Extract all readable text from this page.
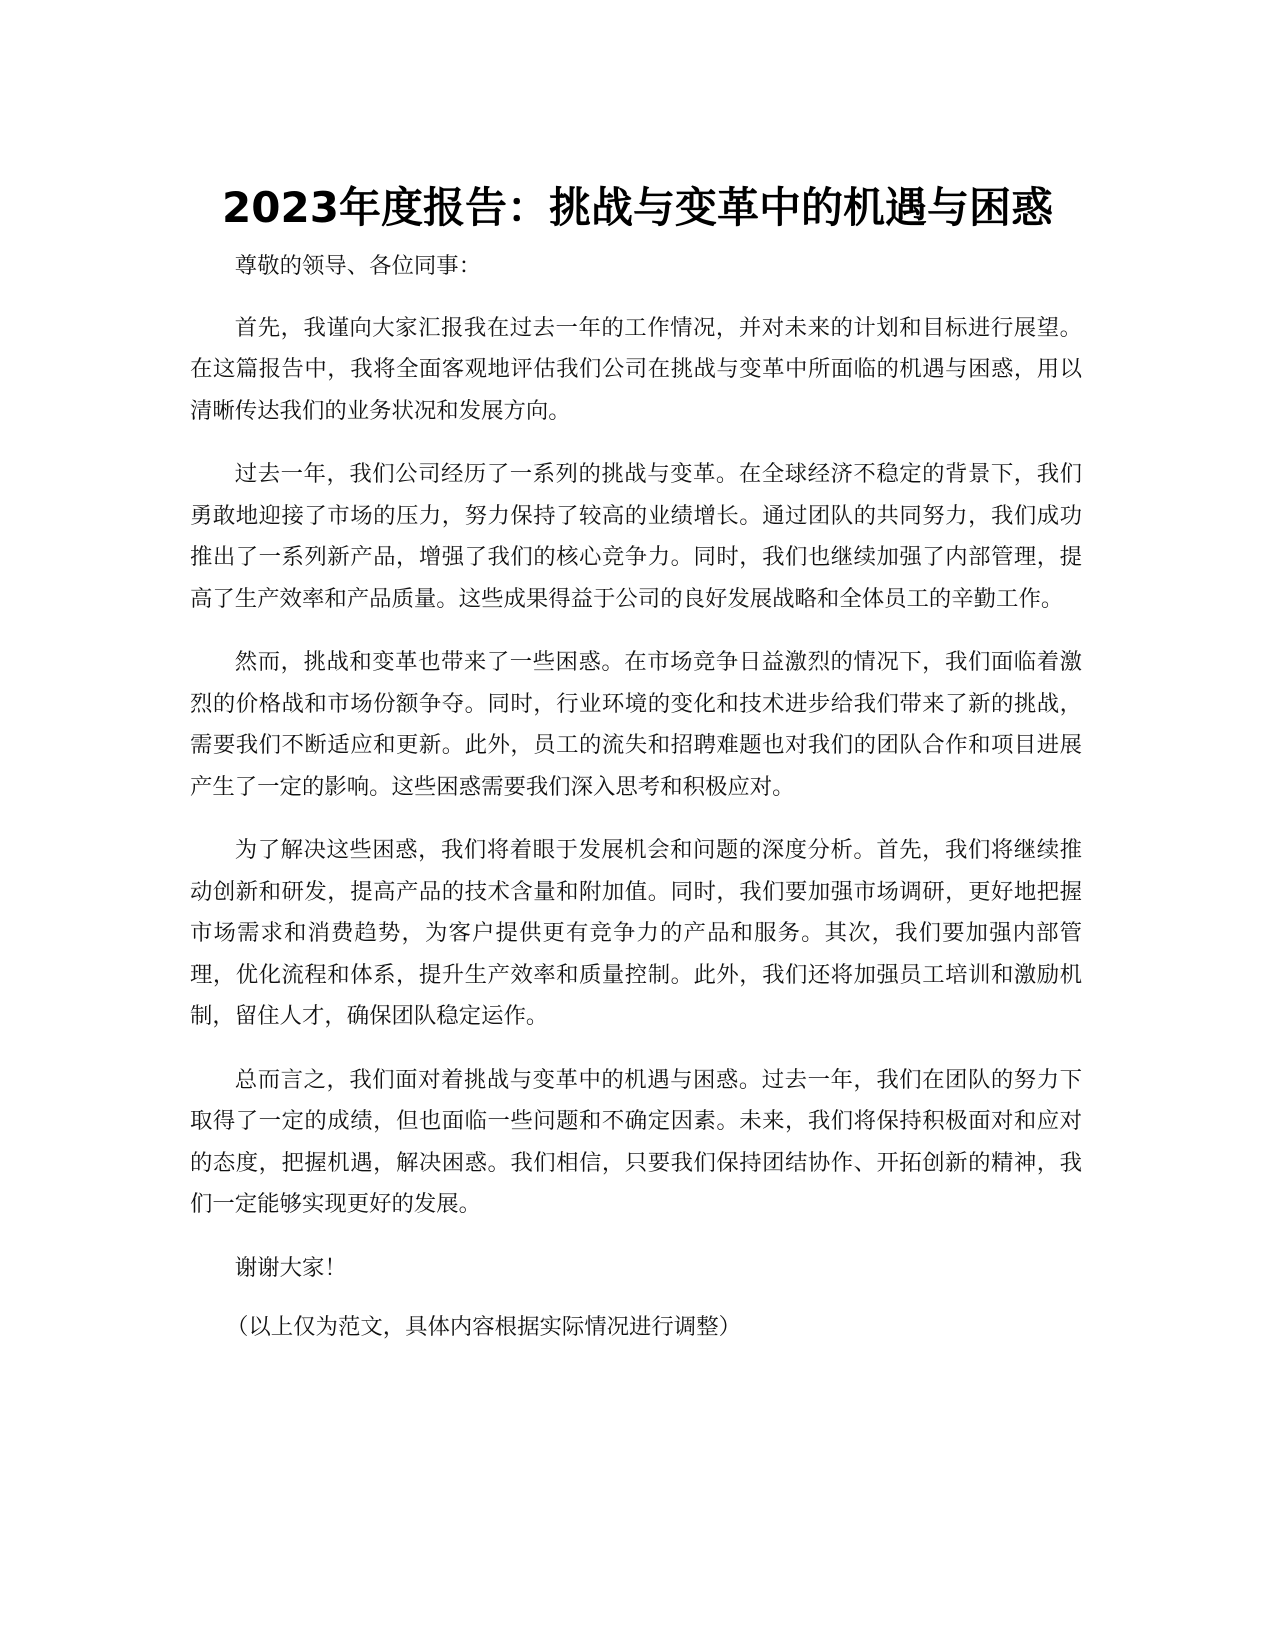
2023年度报告：挑战与变革中的机遇与困惑

尊敬的领导、各位同事：

首先，我谨向大家汇报我在过去一年的工作情况，并对未来的计划和目标进行展望。在这篇报告中，我将全面客观地评估我们公司在挑战与变革中所面临的机遇与困惑，用以清晰传达我们的业务状况和发展方向。

过去一年，我们公司经历了一系列的挑战与变革。在全球经济不稳定的背景下，我们勇敢地迎接了市场的压力，努力保持了较高的业绩增长。通过团队的共同努力，我们成功推出了一系列新产品，增强了我们的核心竞争力。同时，我们也继续加强了内部管理，提高了生产效率和产品质量。这些成果得益于公司的良好发展战略和全体员工的辛勤工作。

然而，挑战和变革也带来了一些困惑。在市场竞争日益激烈的情况下，我们面临着激烈的价格战和市场份额争夺。同时，行业环境的变化和技术进步给我们带来了新的挑战，需要我们不断适应和更新。此外，员工的流失和招聘难题也对我们的团队合作和项目进展产生了一定的影响。这些困惑需要我们深入思考和积极应对。

为了解决这些困惑，我们将着眼于发展机会和问题的深度分析。首先，我们将继续推动创新和研发，提高产品的技术含量和附加值。同时，我们要加强市场调研，更好地把握市场需求和消费趋势，为客户提供更有竞争力的产品和服务。其次，我们要加强内部管理，优化流程和体系，提升生产效率和质量控制。此外，我们还将加强员工培训和激励机制，留住人才，确保团队稳定运作。

总而言之，我们面对着挑战与变革中的机遇与困惑。过去一年，我们在团队的努力下取得了一定的成绩，但也面临一些问题和不确定因素。未来，我们将保持积极面对和应对的态度，把握机遇，解决困惑。我们相信，只要我们保持团结协作、开拓创新的精神，我们一定能够实现更好的发展。

谢谢大家！

（以上仅为范文，具体内容根据实际情况进行调整）
